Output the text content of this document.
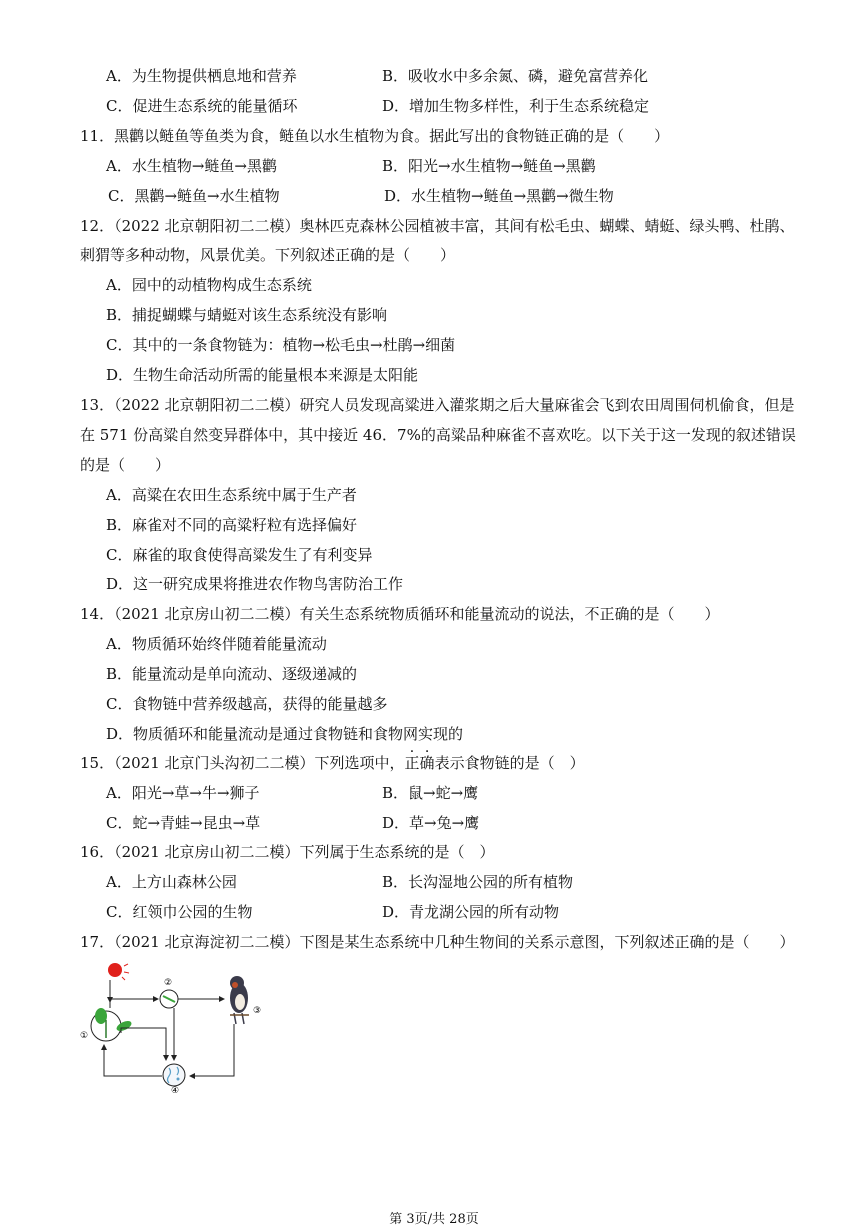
A．为生物提供栖息地和营养	B．吸收水中多余氮、磷，避免富营养化
C．促进生态系统的能量循环	D．增加生物多样性，利于生态系统稳定
11．黑鹳以鲢鱼等鱼类为食，鲢鱼以水生植物为食。据此写出的食物链正确的是（　　）
A．水生植物→鲢鱼→黑鹳	B．阳光→水生植物→鲢鱼→黑鹳
C．黑鹳→鲢鱼→水生植物	D．水生植物→鲢鱼→黑鹳→微生物
12．（2022 北京朝阳初二二模）奥林匹克森林公园植被丰富，其间有松毛虫、蝴蝶、蜻蜓、绿头鸭、杜鹃、
刺猬等多种动物，风景优美。下列叙述正确的是（　　）
A．园中的动植物构成生态系统
B．捕捉蝴蝶与蜻蜓对该生态系统没有影响
C．其中的一条食物链为：植物→松毛虫→杜鹃→细菌
D．生物生命活动所需的能量根本来源是太阳能
13．（2022 北京朝阳初二二模）研究人员发现高粱进入灌浆期之后大量麻雀会飞到农田周围伺机偷食，但是
在 571 份高粱自然变异群体中，其中接近 46．7%的高粱品种麻雀不喜欢吃。以下关于这一发现的叙述错误
的是（　　）
A．高粱在农田生态系统中属于生产者
B．麻雀对不同的高粱籽粒有选择偏好
C．麻雀的取食使得高粱发生了有利变异
D．这一研究成果将推进农作物鸟害防治工作
14．（2021 北京房山初二二模）有关生态系统物质循环和能量流动的说法，不正确的是（　　）
A．物质循环始终伴随着能量流动
B．能量流动是单向流动、逐级递减的
C．食物链中营养级越高，获得的能量越多
D．物质循环和能量流动是通过食物链和食物网实现的
15．（2021 北京门头沟初二二模）下列选项中，正确表示食物链的是（　）
A．阳光→草→牛→狮子	B．鼠→蛇→鹰
C．蛇→青蛙→昆虫→草	D．草→兔→鹰
16．（2021 北京房山初二二模）下列属于生态系统的是（　）
A．上方山森林公园	B．长沟湿地公园的所有植物
C．红领巾公园的生物	D．青龙湖公园的所有动物
17．（2021 北京海淀初二二模）下图是某生态系统中几种生物间的关系示意图，下列叙述正确的是（　　）
①
②
③
④
第 3页/共 28页
